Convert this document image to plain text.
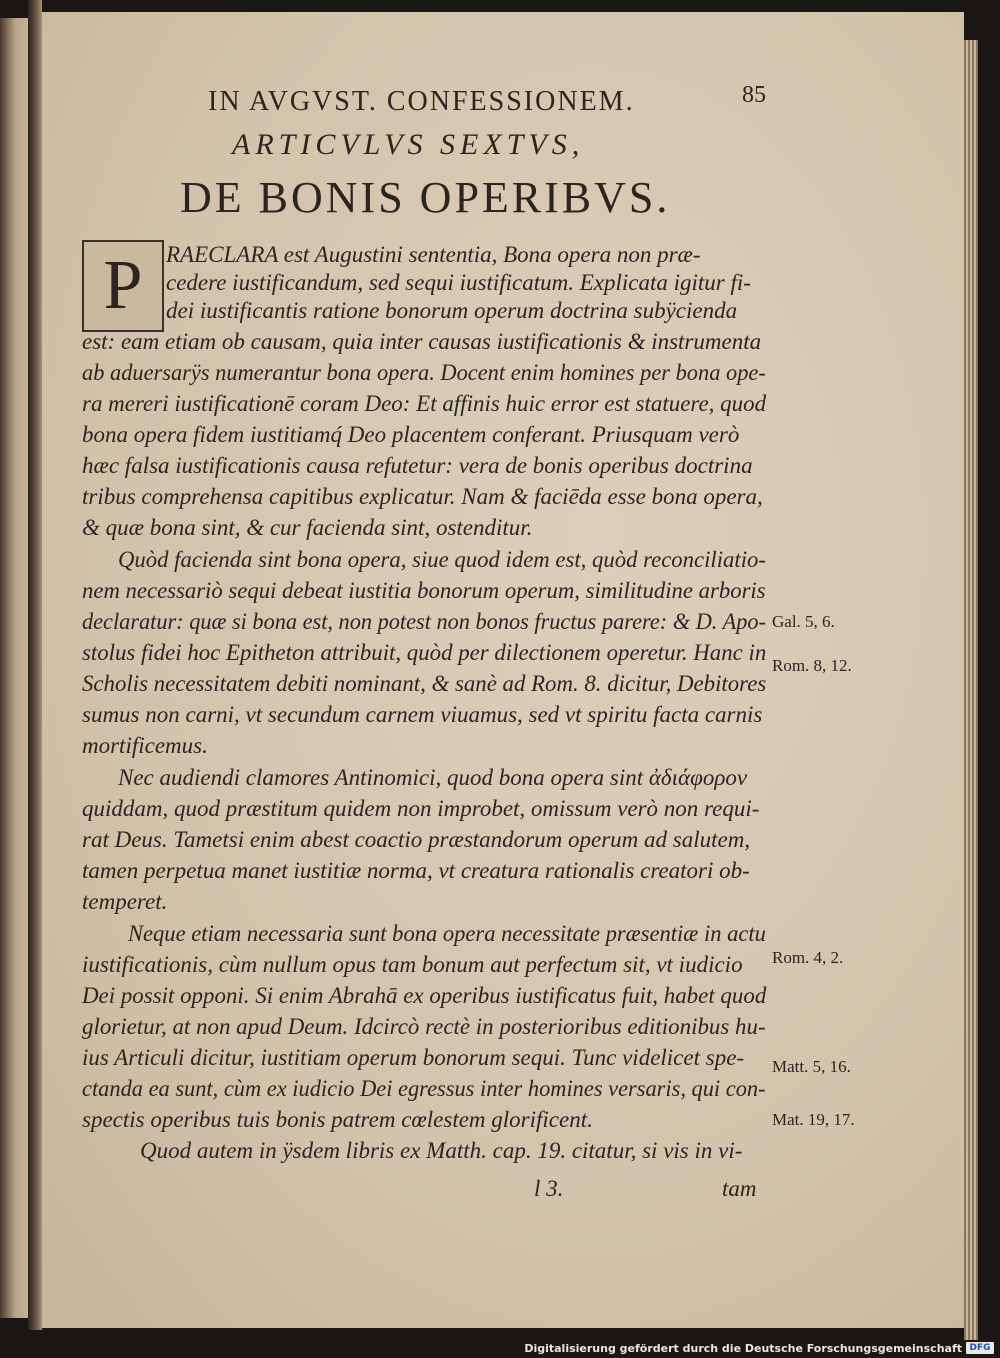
IN AVGVST. CONFESSIONEM.	85
ARTICVLVS SEXTVS,
DE BONIS OPERIBVS.
P RAECLARA est Augustini sententia, Bona opera non præ-
cedere iustificandum, sed sequi iustificatum. Explicata igitur fi-
dei iustificantis ratione bonorum operum doctrina subÿcienda
est: eam etiam ob causam, quia inter causas iustificationis & instrumenta
ab aduersarÿs numerantur bona opera. Docent enim homines per bona ope-
ra mereri iustificationē coram Deo: Et affinis huic error est statuere, quod
bona opera fidem iustitiamq́ Deo placentem conferant. Priusquam verò
hæc falsa iustificationis causa refutetur: vera de bonis operibus doctrina
tribus comprehensa capitibus explicatur. Nam & faciēda esse bona opera,
& quæ bona sint, & cur facienda sint, ostenditur.
Quòd facienda sint bona opera, siue quod idem est, quòd reconciliatio-
nem necessariò sequi debeat iustitia bonorum operum, similitudine arboris
declaratur: quæ si bona est, non potest non bonos fructus parere: & D. Apo-
stolus fidei hoc Epitheton attribuit, quòd per dilectionem operetur. Hanc in
Scholis necessitatem debiti nominant, & sanè ad Rom. 8. dicitur, Debitores
sumus non carni, vt secundum carnem viuamus, sed vt spiritu facta carnis
mortificemus.
Nec audiendi clamores Antinomici, quod bona opera sint ἀδιάφορον
quiddam, quod præstitum quidem non improbet, omissum verò non requi-
rat Deus. Tametsi enim abest coactio præstandorum operum ad salutem,
tamen perpetua manet iustitiæ norma, vt creatura rationalis creatori ob-
temperet.
Neque etiam necessaria sunt bona opera necessitate præsentiæ in actu
iustificationis, cùm nullum opus tam bonum aut perfectum sit, vt iudicio
Dei possit opponi. Si enim Abrahā ex operibus iustificatus fuit, habet quod
glorietur, at non apud Deum. Idcircò rectè in posterioribus editionibus hu-
ius Articuli dicitur, iustitiam operum bonorum sequi. Tunc videlicet spe-
ctanda ea sunt, cùm ex iudicio Dei egressus inter homines versaris, qui con-
spectis operibus tuis bonis patrem cœlestem glorificent.
Quod autem in ÿsdem libris ex Matth. cap. 19. citatur, si vis in vi-
l 3.	tam
Gal. 5, 6.
Rom. 8, 12.
Rom. 4, 2.
Matt. 5, 16.
Mat. 19, 17.
Digitalisierung gefördert durch die Deutsche Forschungsgemeinschaft DFG
